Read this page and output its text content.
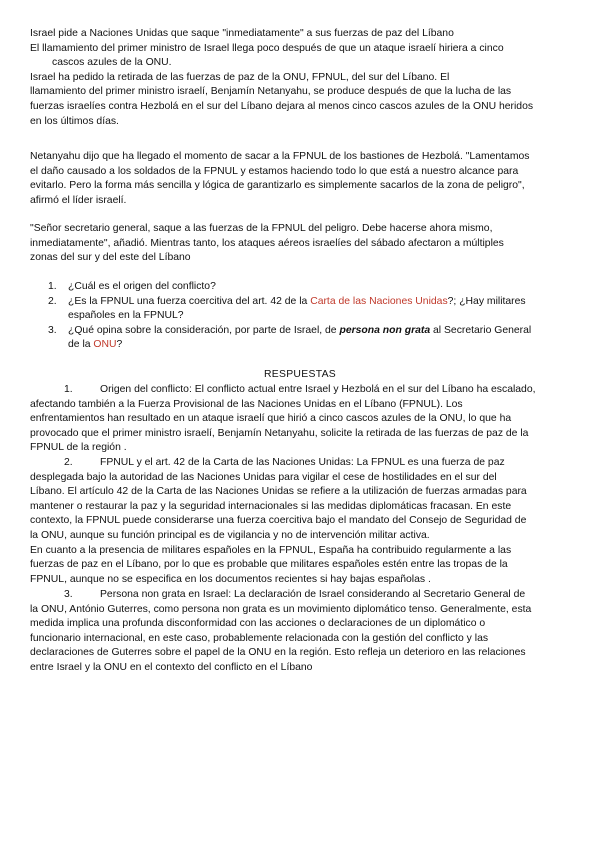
Israel pide a Naciones Unidas que saque "inmediatamente" a sus fuerzas de paz del Líbano
El llamamiento del primer ministro de Israel llega poco después de que un ataque israelí hiriera a cinco
cascos azules de la ONU.
Israel ha pedido la retirada de las fuerzas de paz de la ONU, FPNUL, del sur del Líbano. El
llamamiento del primer ministro israelí, Benjamín Netanyahu, se produce después de que la lucha de las
fuerzas israelíes contra Hezbolá en el sur del Líbano dejara al menos cinco cascos azules de la ONU heridos
en los últimos días.
Netanyahu dijo que ha llegado el momento de sacar a la FPNUL de los bastiones de Hezbolá. "Lamentamos
el daño causado a los soldados de la FPNUL y estamos haciendo todo lo que está a nuestro alcance para
evitarlo. Pero la forma más sencilla y lógica de garantizarlo es simplemente sacarlos de la zona de peligro",
afirmó el líder israelí.
"Señor secretario general, saque a las fuerzas de la FPNUL del peligro. Debe hacerse ahora mismo,
inmediatamente", añadió. Mientras tanto, los ataques aéreos israelíes del sábado afectaron a múltiples
zonas del sur y del este del Líbano
1. ¿Cuál es el origen del conflicto?
2. ¿Es la FPNUL una fuerza coercitiva del art. 42 de la Carta de las Naciones Unidas?; ¿Hay militares
españoles en la FPNUL?
3. ¿Qué opina sobre la consideración, por parte de Israel, de persona non grata al Secretario General
de la ONU?
RESPUESTAS
1.	Origen del conflicto: El conflicto actual entre Israel y Hezbolá en el sur del Líbano ha escalado,
afectando también a la Fuerza Provisional de las Naciones Unidas en el Líbano (FPNUL). Los
enfrentamientos han resultado en un ataque israelí que hirió a cinco cascos azules de la ONU, lo que ha
provocado que el primer ministro israelí, Benjamín Netanyahu, solicite la retirada de las fuerzas de paz de la
FPNUL de la región .
2.	FPNUL y el art. 42 de la Carta de las Naciones Unidas: La FPNUL es una fuerza de paz
desplegada bajo la autoridad de las Naciones Unidas para vigilar el cese de hostilidades en el sur del
Líbano. El artículo 42 de la Carta de las Naciones Unidas se refiere a la utilización de fuerzas armadas para
mantener o restaurar la paz y la seguridad internacionales si las medidas diplomáticas fracasan. En este
contexto, la FPNUL puede considerarse una fuerza coercitiva bajo el mandato del Consejo de Seguridad de
la ONU, aunque su función principal es de vigilancia y no de intervención militar activa.
En cuanto a la presencia de militares españoles en la FPNUL, España ha contribuido regularmente a las
fuerzas de paz en el Líbano, por lo que es probable que militares españoles estén entre las tropas de la
FPNUL, aunque no se especifica en los documentos recientes si hay bajas españolas .
3.	Persona non grata en Israel: La declaración de Israel considerando al Secretario General de
la ONU, António Guterres, como persona non grata es un movimiento diplomático tenso. Generalmente, esta
medida implica una profunda disconformidad con las acciones o declaraciones de un diplomático o
funcionario internacional, en este caso, probablemente relacionada con la gestión del conflicto y las
declaraciones de Guterres sobre el papel de la ONU en la región. Esto refleja un deterioro en las relaciones
entre Israel y la ONU en el contexto del conflicto en el Líbano
